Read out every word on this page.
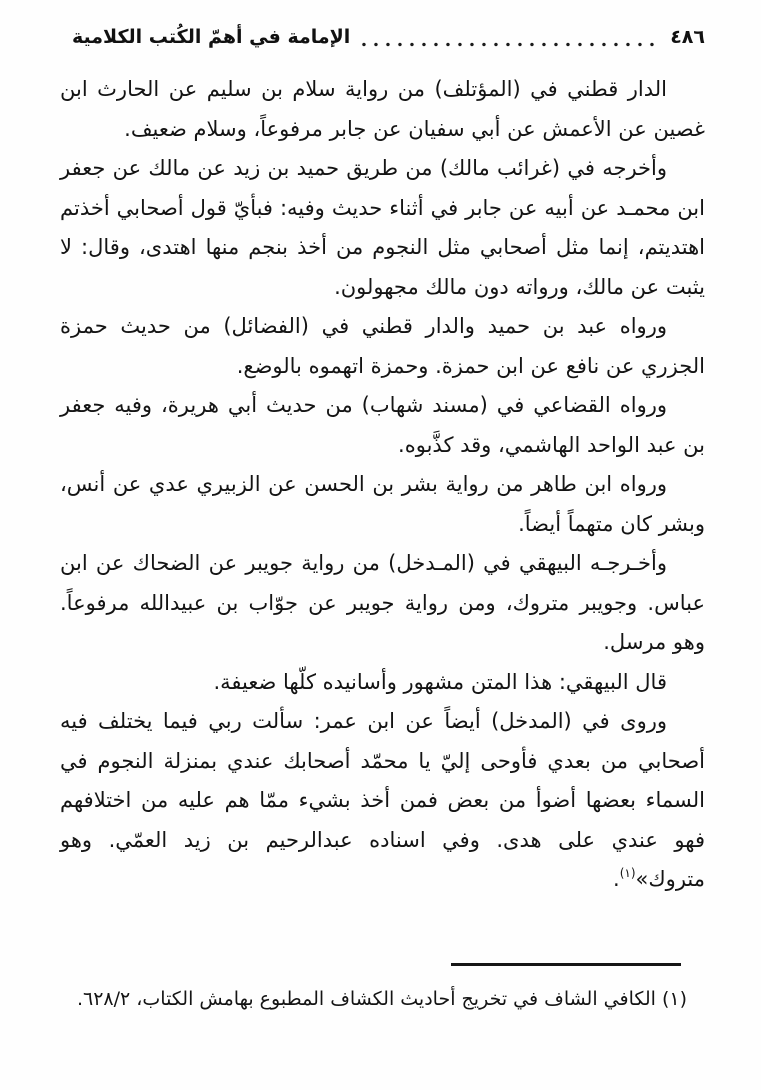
٤٨٦
الإمامة في أهمّ الكُتب الكلامية

الدار قطني في (المؤتلف) من رواية سلام بن سليم عن الحارث ابن غصين عن الأعمش عن أبي سفيان عن جابر مرفوعاً، وسلام ضعيف.

وأخرجه في (غرائب مالك) من طريق حميد بن زيد عن مالك عن جعفر ابن محمـد عن أبيه عن جابر في أثناء حديث وفيه: فبأيّ قول أصحابي أخذتم اهتديتم، إنما مثل أصحابي مثل النجوم من أخذ بنجم منها اهتدى، وقال: لا يثبت عن مالك، ورواته دون مالك مجهولون.

ورواه عبد بن حميد والدار قطني في (الفضائل) من حديث حمزة الجزري عن نافع عن ابن حمزة. وحمزة اتهموه بالوضع.

ورواه القضاعي في (مسند شهاب) من حديث أبي هريرة، وفيه جعفر بن عبد الواحد الهاشمي، وقد كذَّبوه.

ورواه ابن طاهر من رواية بشر بن الحسن عن الزبيري عدي عن أنس، وبشر كان متهماً أيضاً.

وأخـرجـه البيهقي في (المـدخل) من رواية جويبر عن الضحاك عن ابن عباس. وجويبر متروك، ومن رواية جويبر عن جوّاب بن عبيدالله مرفوعاً. وهو مرسل.

قال البيهقي: هذا المتن مشهور وأسانيده كلّها ضعيفة.

وروى في (المدخل) أيضاً عن ابن عمر: سألت ربي فيما يختلف فيه أصحابي من بعدي فأوحى إليّ يا محمّد أصحابك عندي بمنزلة النجوم في السماء بعضها أضوأ من بعض فمن أخذ بشيء ممّا هم عليه من اختلافهم فهو عندي على هدى. وفي اسناده عبدالرحيم بن زيد العمّي. وهو متروك»$^{(١)}$.

(١)الكافي الشاف في تخريج أحاديث الكشاف المطبوع بهامش الكتاب، ٦٢٨/٢.
